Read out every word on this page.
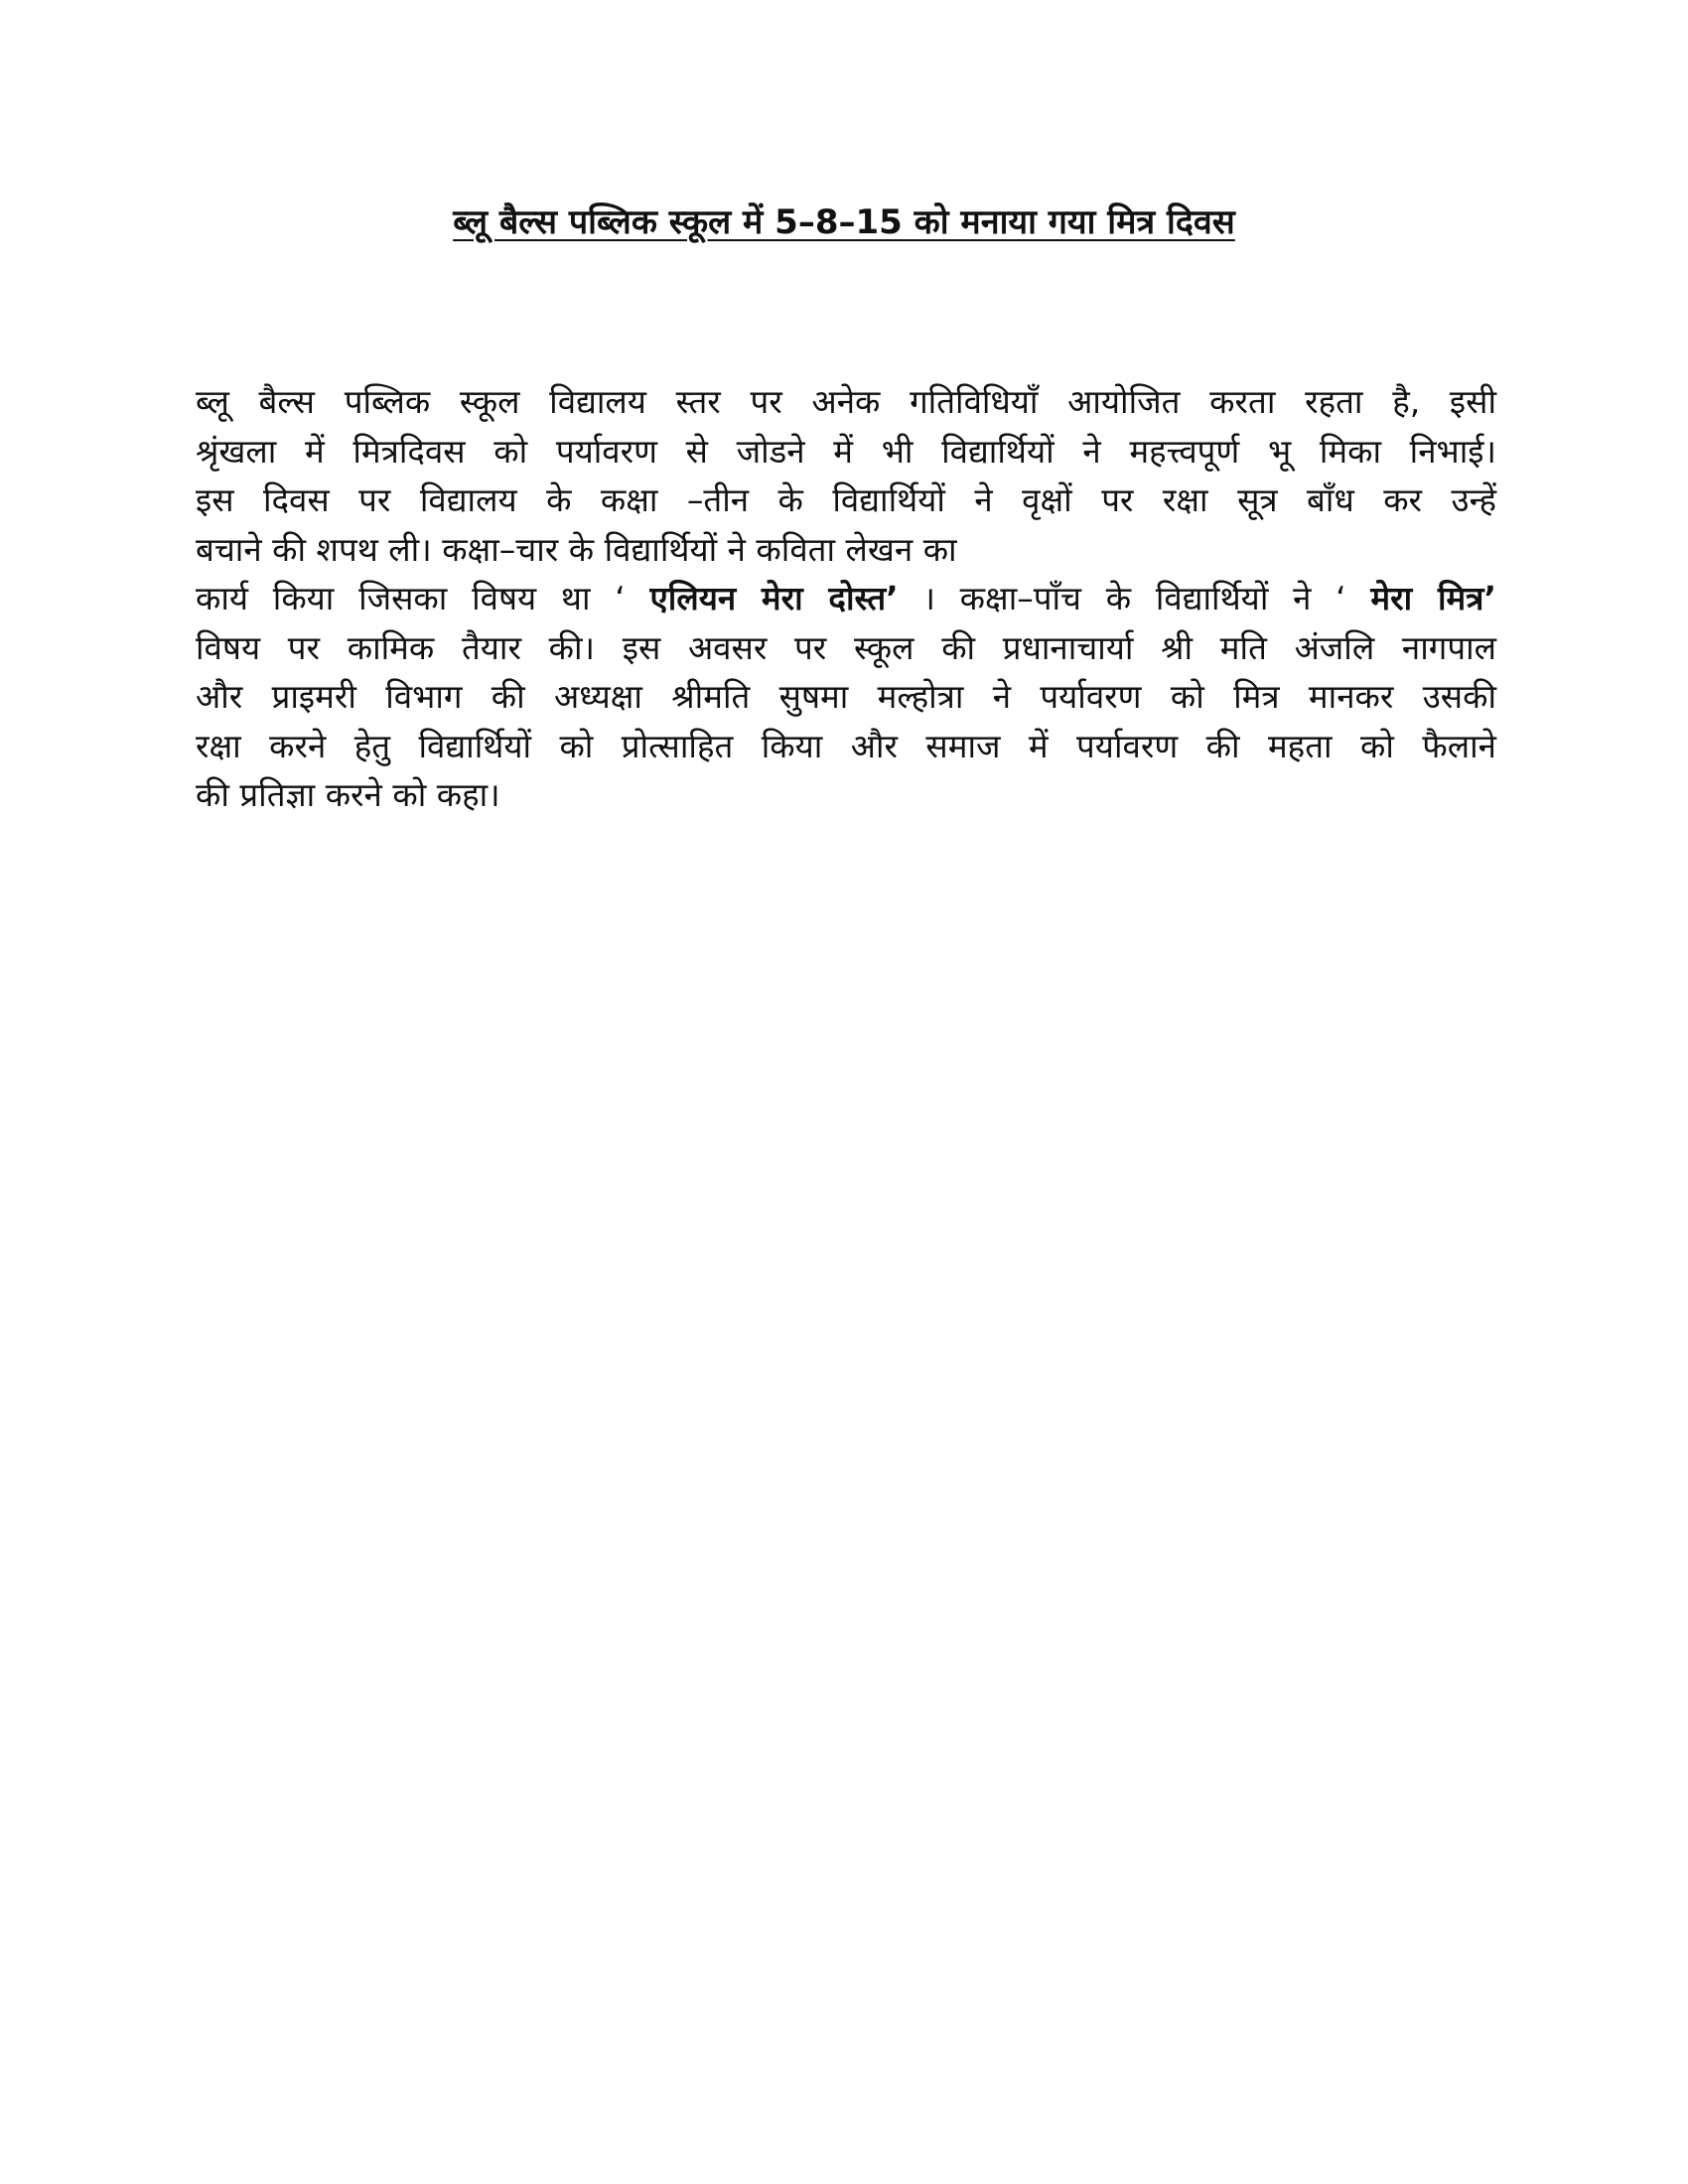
ब्लू बैल्स पब्लिक स्कूल में 5–8–15 को मनाया गया मित्र दिवस
ब्लू बैल्स पब्लिक स्कूल विद्यालय स्तर पर अनेक गतिविधियाँ आयोजित करता रहता है, इसी
श्रृंखला में मित्रदिवस को पर्यावरण से जोडने में भी विद्यार्थियों ने महत्त्वपूर्ण भू मिका निभाई।
इस दिवस पर विद्यालय के कक्षा –तीन के विद्यार्थियों ने वृक्षों पर रक्षा सूत्र बाँध कर उन्हें
बचाने की शपथ ली। कक्षा–चार के विद्यार्थियों ने कविता लेखन का
कार्य किया जिसका विषय था ‘ एलियन मेरा दोस्त’ । कक्षा–पाँच के विद्यार्थियों ने ‘ मेरा मित्र’
विषय पर कामिक तैयार की। इस अवसर पर स्कूल की प्रधानाचार्या श्री मति अंजलि नागपाल
और प्राइमरी विभाग की अध्यक्षा श्रीमति सुषमा मल्होत्रा ने पर्यावरण को मित्र मानकर उसकी
रक्षा करने हेतु विद्यार्थियों को प्रोत्साहित किया और समाज में पर्यावरण की महता को फैलाने
की प्रतिज्ञा करने को कहा।
